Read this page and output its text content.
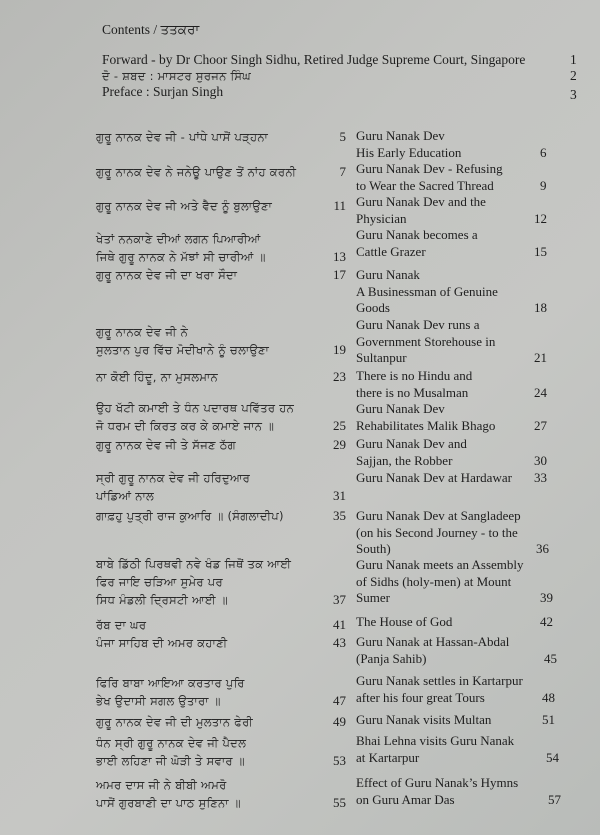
Contents / ਤਤਕਰਾ
Forward - by Dr Choor Singh Sidhu, Retired Judge Supreme Court, Singapore	1
ਦੋ - ਸ਼ਬਦ : ਮਾਸਟਰ ਸੁਰਜਨ ਸਿੰਘ	2
Preface : Surjan Singh	3
ਗੁਰੂ ਨਾਨਕ ਦੇਵ ਜੀ - ਪਾਂਧੇ ਪਾਸੋਂ ਪੜ੍ਹਨਾ	5
ਗੁਰੂ ਨਾਨਕ ਦੇਵ ਨੇ ਜਨੇਊ ਪਾਉਣ ਤੋਂ ਨਾਂਹ ਕਰਨੀ	7
ਗੁਰੂ ਨਾਨਕ ਦੇਵ ਜੀ ਅਤੇ ਵੈਦ ਨੂੰ ਬੁਲਾਉਣਾ	11
ਖੇਤਾਂ ਨਨਕਾਣੇ ਦੀਆਂ ਲਗਨ ਪਿਆਰੀਆਂ
ਜਿਥੇ ਗੁਰੂ ਨਾਨਕ ਨੇ ਮੱਝਾਂ ਸੀ ਚਾਰੀਆਂ ॥	13
ਗੁਰੂ ਨਾਨਕ ਦੇਵ ਜੀ ਦਾ ਖਰਾ ਸੌਦਾ	17
ਗੁਰੂ ਨਾਨਕ ਦੇਵ ਜੀ ਨੇ
ਸੁਲਤਾਨ ਪੁਰ ਵਿੱਚ ਮੋਦੀਖਾਨੇ ਨੂੰ ਚਲਾਉਣਾ	19
ਨਾ ਕੋਈ ਹਿੰਦੂ, ਨਾ ਮੁਸਲਮਾਨ	23
ਉਹ ਖੱਟੀ ਕਮਾਈ ਤੇ ਧੰਨ ਪਦਾਰਥ ਪਵਿੱਤਰ ਹਨ
ਜੋ ਧਰਮ ਦੀ ਕਿਰਤ ਕਰ ਕੇ ਕਮਾਏ ਜਾਨ ॥	25
ਗੁਰੂ ਨਾਨਕ ਦੇਵ ਜੀ ਤੇ ਸੱਜਣ ਠੱਗ	29
ਸ੍ਰੀ ਗੁਰੂ ਨਾਨਕ ਦੇਵ ਜੀ ਹਰਿਦੁਆਰ
ਪਾਂਡਿਆਂ ਨਾਲ	31
ਗਾਫ਼ਹੁ ਪੁਤ੍ਰੀ ਰਾਜ ਕੁਆਰਿ ॥ (ਸੰਗਲਾਦੀਪ)	35
ਬਾਬੇ ਡਿੱਠੀ ਪਿਰਥਵੀ ਨਵੇ ਖੰਡ ਜਿਥੋਂ ਤਕ ਆਈ
ਫਿਰ ਜਾਇ ਚੜਿਆ ਸੁਮੇਰ ਪਰ
ਸਿਧ ਮੰਡਲੀ ਦ੍ਰਿਸਟੀ ਆਈ ॥	37
ਰੱਬ ਦਾ ਘਰ	41
ਪੰਜਾ ਸਾਹਿਬ ਦੀ ਅਮਰ ਕਹਾਣੀ	43
ਫਿਰਿ ਬਾਬਾ ਆਇਆ ਕਰਤਾਰ ਪੁਰਿ
ਭੇਖ ਉਦਾਸੀ ਸਗਲ ਉਤਾਰਾ ॥	47
ਗੁਰੂ ਨਾਨਕ ਦੇਵ ਜੀ ਦੀ ਮੁਲਤਾਨ ਫੇਰੀ	49
ਧੰਨ ਸ੍ਰੀ ਗੁਰੂ ਨਾਨਕ ਦੇਵ ਜੀ ਪੈਦਲ
ਭਾਈ ਲਹਿਣਾ ਜੀ ਘੋੜੀ ਤੇ ਸਵਾਰ ॥	53
ਅਮਰ ਦਾਸ ਜੀ ਨੇ ਬੀਬੀ ਅਮਰੋ
ਪਾਸੋਂ ਗੁਰਬਾਣੀ ਦਾ ਪਾਠ ਸੁਣਿਨਾ ॥	55
Guru Nanak Dev
His Early Education	6
Guru Nanak Dev - Refusing
to Wear the Sacred Thread	9
Guru Nanak Dev and the
Physician	12
Guru Nanak becomes a
Cattle Grazer	15
Guru Nanak
A Businessman of Genuine
Goods	18
Guru Nanak Dev runs a
Government Storehouse in
Sultanpur	21
There is no Hindu and
there is no Musalman	24
Guru Nanak Dev
Rehabilitates Malik Bhago	27
Guru Nanak Dev and
Sajjan, the Robber	30
Guru Nanak Dev at Hardawar 33
Guru Nanak Dev at Sangladeep
(on his Second Journey - to the
South)	36
Guru Nanak meets an Assembly
of Sidhs (holy-men) at Mount
Sumer	39
The House of God	42
Guru Nanak at Hassan-Abdal
(Panja Sahib)	45
Guru Nanak settles in Kartarpur
after his four great Tours	48
Guru Nanak visits Multan	51
Bhai Lehna visits Guru Nanak
at Kartarpur	54
Effect of Guru Nanak’s Hymns
on Guru Amar Das	57
